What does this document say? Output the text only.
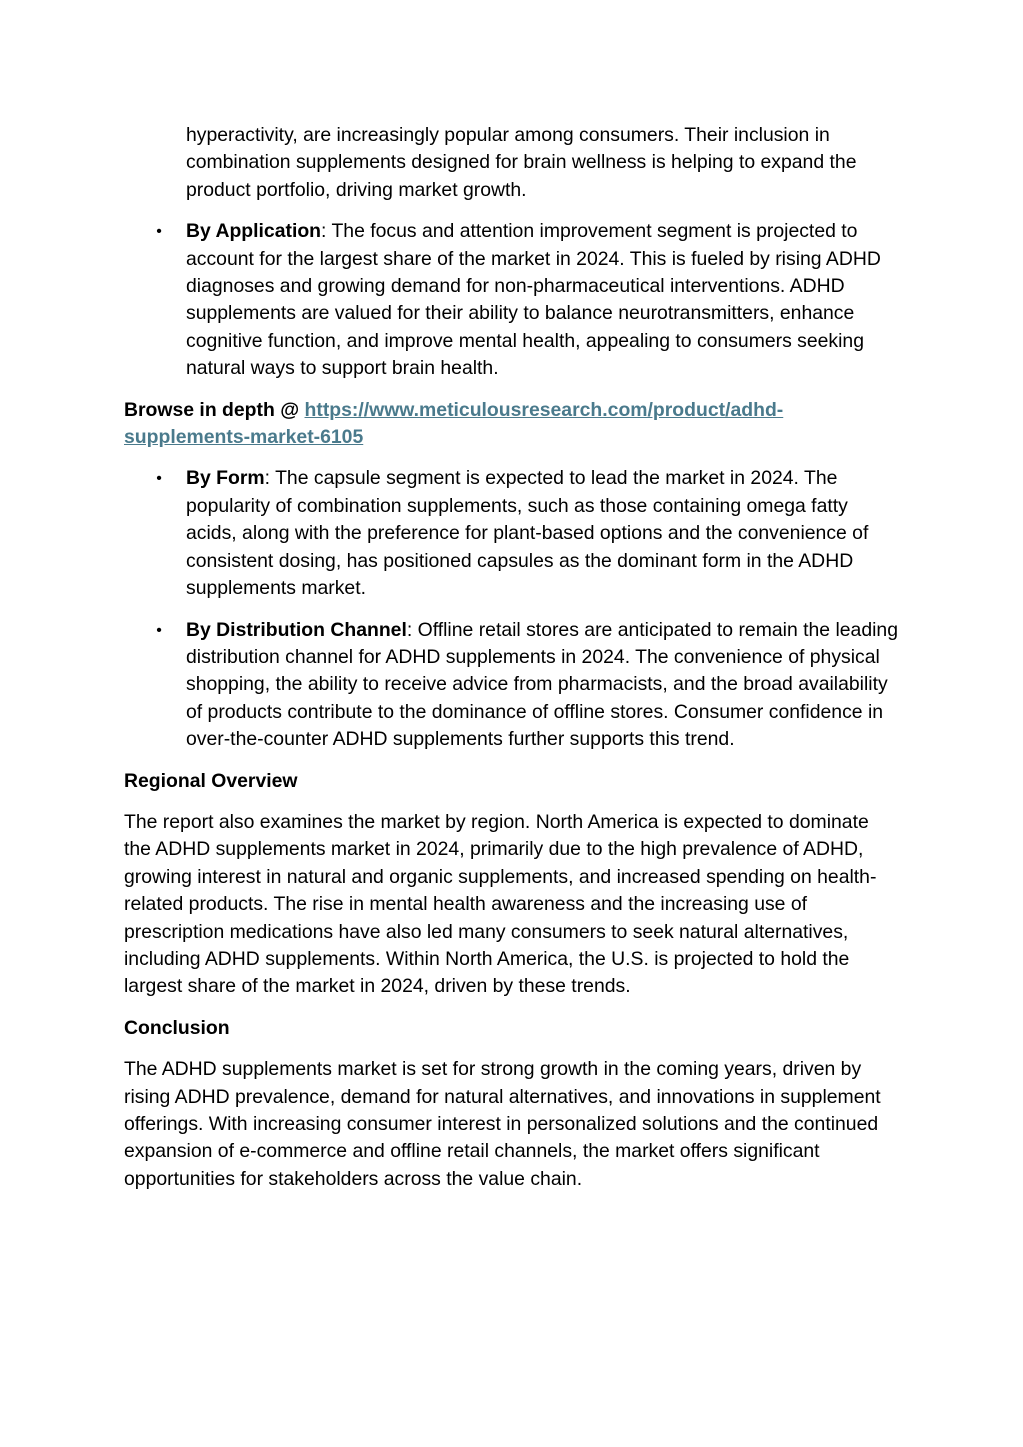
hyperactivity, are increasingly popular among consumers. Their inclusion in combination supplements designed for brain wellness is helping to expand the product portfolio, driving market growth.

• By Application: The focus and attention improvement segment is projected to account for the largest share of the market in 2024. This is fueled by rising ADHD diagnoses and growing demand for non-pharmaceutical interventions. ADHD supplements are valued for their ability to balance neurotransmitters, enhance cognitive function, and improve mental health, appealing to consumers seeking natural ways to support brain health.

Browse in depth @ https://www.meticulousresearch.com/product/adhd-supplements-market-6105

• By Form: The capsule segment is expected to lead the market in 2024. The popularity of combination supplements, such as those containing omega fatty acids, along with the preference for plant-based options and the convenience of consistent dosing, has positioned capsules as the dominant form in the ADHD supplements market.
• By Distribution Channel: Offline retail stores are anticipated to remain the leading distribution channel for ADHD supplements in 2024. The convenience of physical shopping, the ability to receive advice from pharmacists, and the broad availability of products contribute to the dominance of offline stores. Consumer confidence in over-the-counter ADHD supplements further supports this trend.

Regional Overview

The report also examines the market by region. North America is expected to dominate the ADHD supplements market in 2024, primarily due to the high prevalence of ADHD, growing interest in natural and organic supplements, and increased spending on health-related products. The rise in mental health awareness and the increasing use of prescription medications have also led many consumers to seek natural alternatives, including ADHD supplements. Within North America, the U.S. is projected to hold the largest share of the market in 2024, driven by these trends.

Conclusion

The ADHD supplements market is set for strong growth in the coming years, driven by rising ADHD prevalence, demand for natural alternatives, and innovations in supplement offerings. With increasing consumer interest in personalized solutions and the continued expansion of e-commerce and offline retail channels, the market offers significant opportunities for stakeholders across the value chain.
